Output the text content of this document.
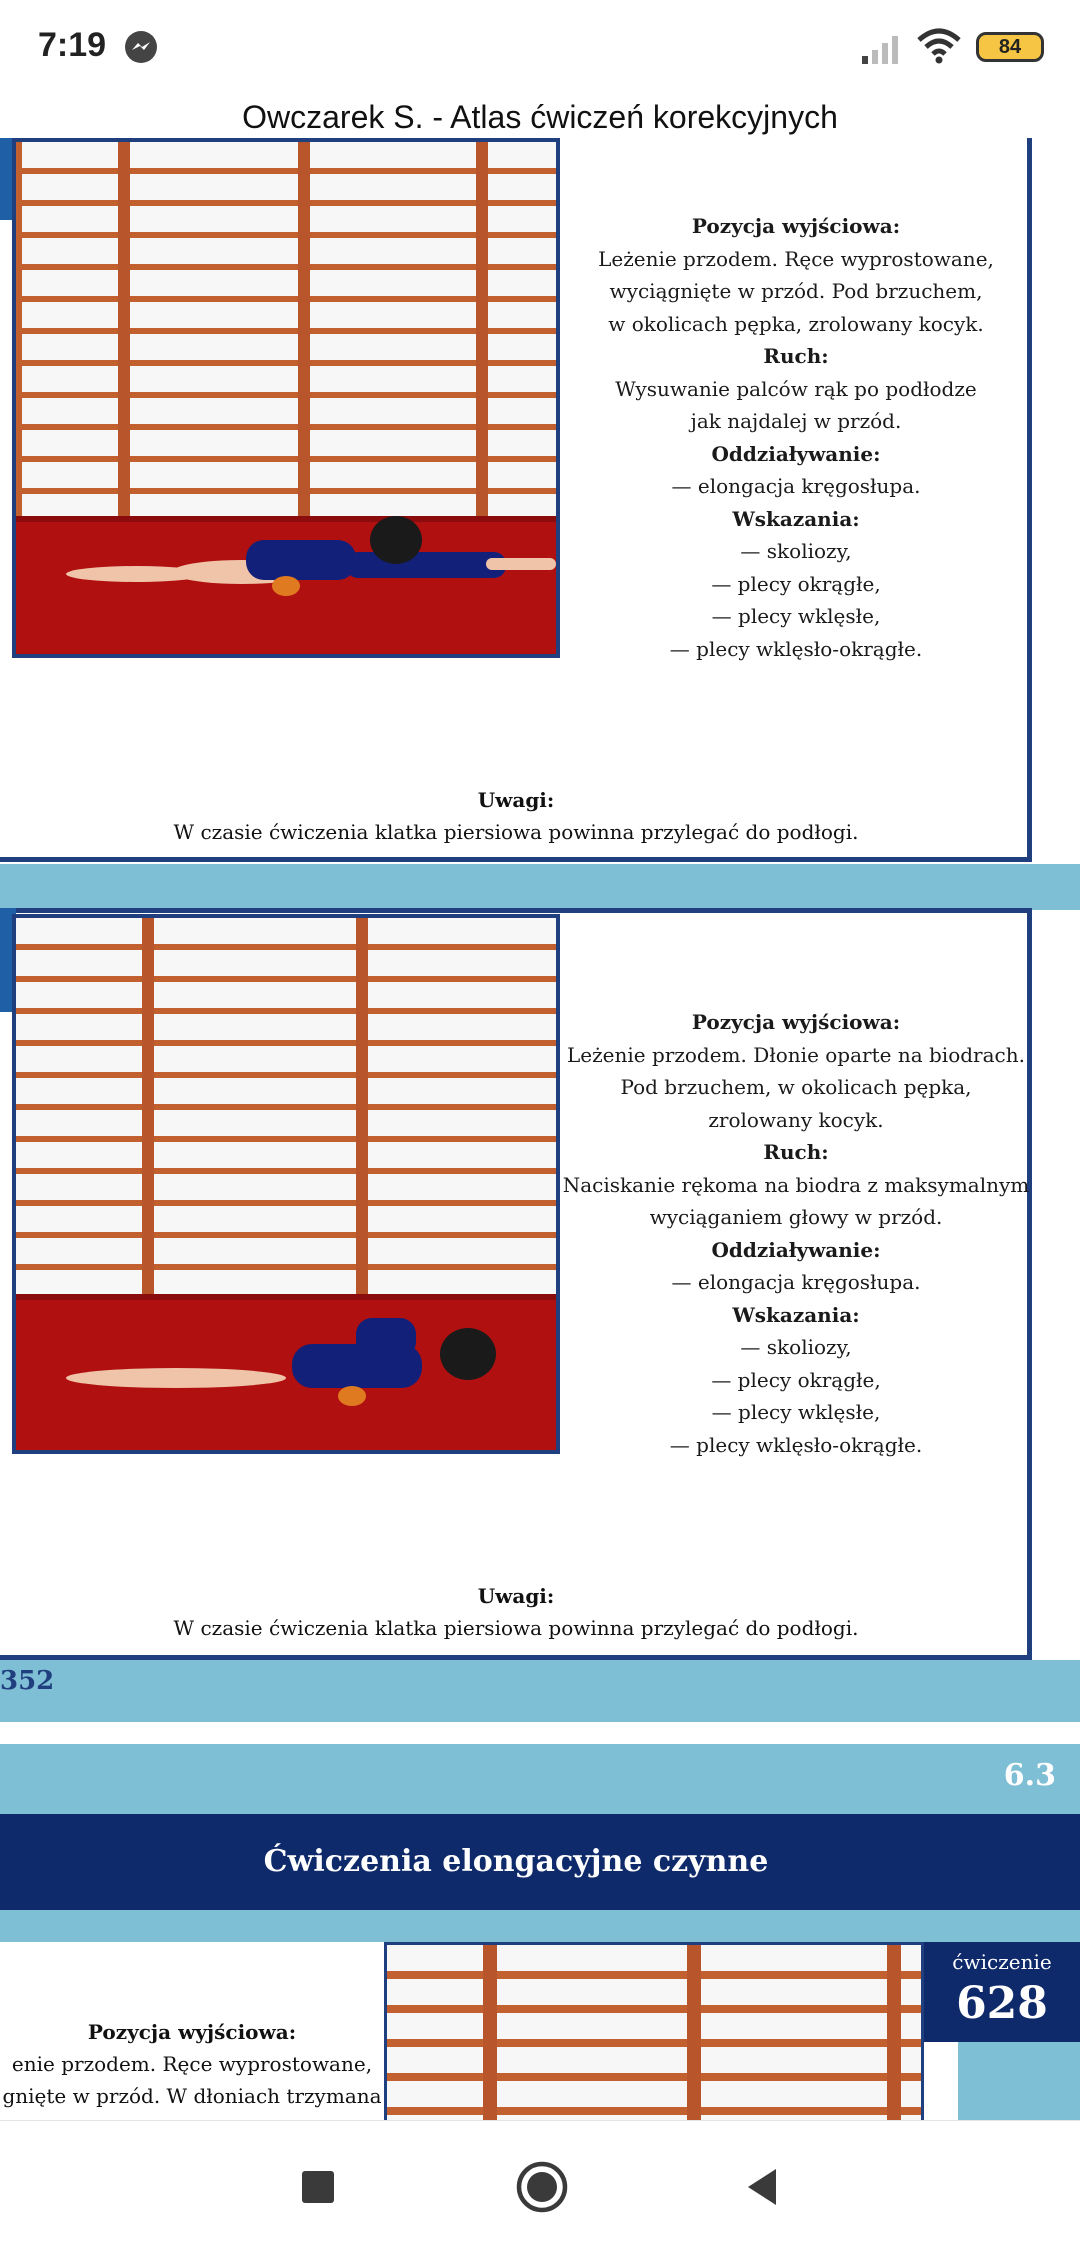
7:19	84
Owczarek S. - Atlas ćwiczeń korekcyjnych
Pozycja wyjściowa:
Leżenie przodem. Ręce wyprostowane,
wyciągnięte w przód. Pod brzuchem,
w okolicach pępka, zrolowany kocyk.
Ruch:
Wysuwanie palców rąk po podłodze
jak najdalej w przód.
Oddziaływanie:
— elongacja kręgosłupa.
Wskazania:
— skoliozy,
— plecy okrągłe,
— plecy wklęsłe,
— plecy wklęsło-okrągłe.
Uwagi:
W czasie ćwiczenia klatka piersiowa powinna przylegać do podłogi.
Pozycja wyjściowa:
Leżenie przodem. Dłonie oparte na biodrach.
Pod brzuchem, w okolicach pępka,
zrolowany kocyk.
Ruch:
Naciskanie rękoma na biodra z maksymalnym
wyciąganiem głowy w przód.
Oddziaływanie:
— elongacja kręgosłupa.
Wskazania:
— skoliozy,
— plecy okrągłe,
— plecy wklęsłe,
— plecy wklęsło-okrągłe.
Uwagi:
W czasie ćwiczenia klatka piersiowa powinna przylegać do podłogi.
352
6.3
Ćwiczenia elongacyjne czynne
ćwiczenie
628
Pozycja wyjściowa:
enie przodem. Ręce wyprostowane,
gnięte w przód. W dłoniach trzymana
